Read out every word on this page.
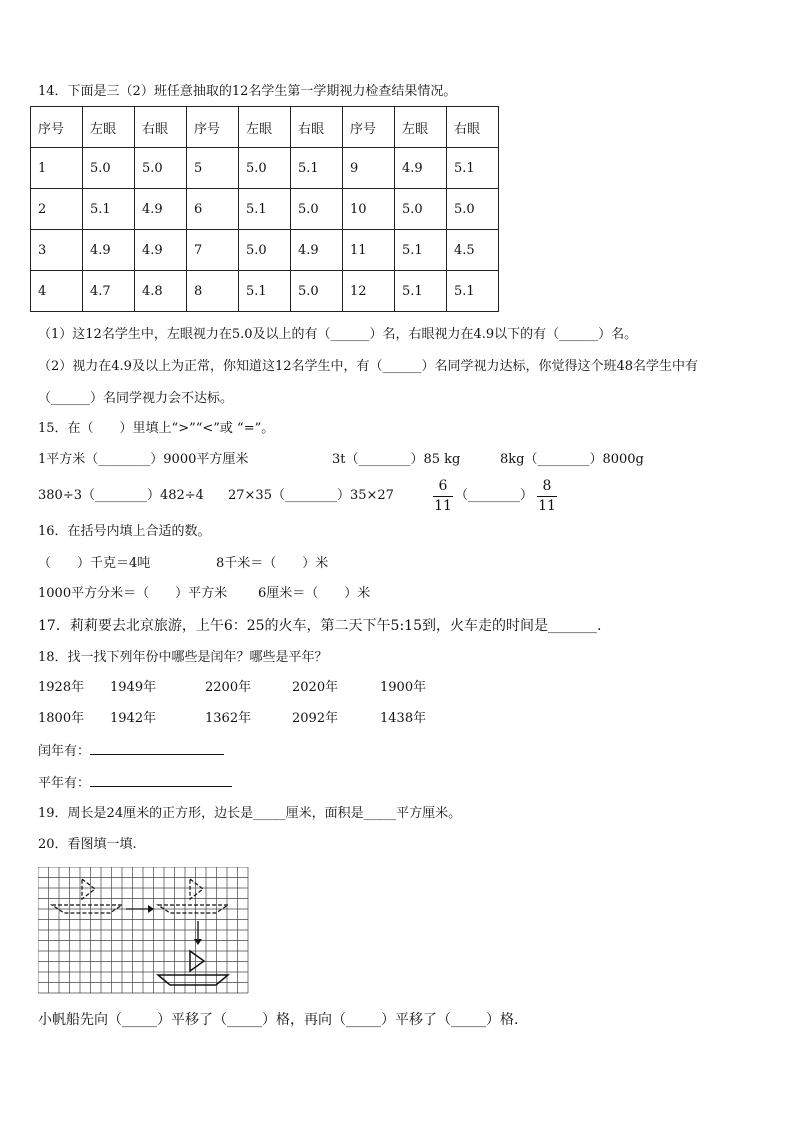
14．下面是三（2）班任意抽取的12名学生第一学期视力检查结果情况。
序号	左眼	右眼	序号	左眼	右眼	序号	左眼	右眼
1	5.0	5.0	5	5.0	5.1	9	4.9	5.1
2	5.1	4.9	6	5.1	5.0	10	5.0	5.0
3	4.9	4.9	7	5.0	4.9	11	5.1	4.5
4	4.7	4.8	8	5.1	5.0	12	5.1	5.1
（1）这12名学生中，左眼视力在5.0及以上的有（______）名，右眼视力在4.9以下的有（______）名。
（2）视力在4.9及以上为正常，你知道这12名学生中，有（______）名同学视力达标，你觉得这个班48名学生中有
（______）名同学视力会不达标。
15．在（　　）里填上“>”“<”或 “=”。
1平方米（________）9000平方厘米	3t（________）85 kg	8kg（________）8000g
380÷3（________）482÷4 27×35（________）35×27
6
11
（________）
8
11
16．在括号内填上合适的数。
（　　）千克＝4吨	8千米＝（　　）米
1000平方分米＝（　　）平方米 6厘米＝（　　）米
17．莉莉要去北京旅游，上午6：25的火车，第二天下午5:15到，火车走的时间是_______.
18．找一找下列年份中哪些是闰年？哪些是平年？
1928年 1949年	2200年	2020年	1900年
1800年 1942年	1362年	2092年	1438年
闰年有：
平年有：
19．周长是24厘米的正方形，边长是_____厘米，面积是_____平方厘米。
20．看图填一填.
小帆船先向（_____）平移了（_____）格，再向（_____）平移了（_____）格.
